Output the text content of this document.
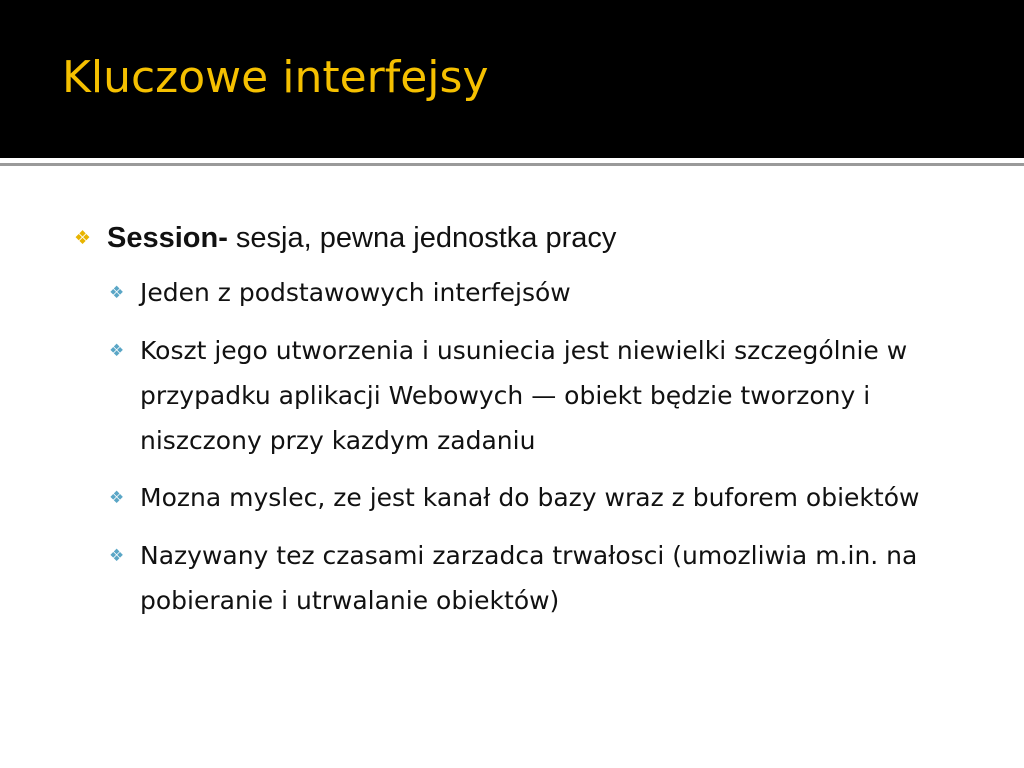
Kluczowe interfejsy
❖ Session- sesja, pewna jednostka pracy
❖ Jeden z podstawowych interfejsów
❖ Koszt jego utworzenia i usuniecia jest niewielki szczególnie w przypadku aplikacji Webowych — obiekt będzie tworzony i niszczony przy kazdym zadaniu
❖ Mozna myslec, ze jest kanał do bazy wraz z buforem obiektów
❖ Nazywany tez czasami zarzadca trwałosci (umozliwia m.in. na pobieranie i utrwalanie obiektów)
